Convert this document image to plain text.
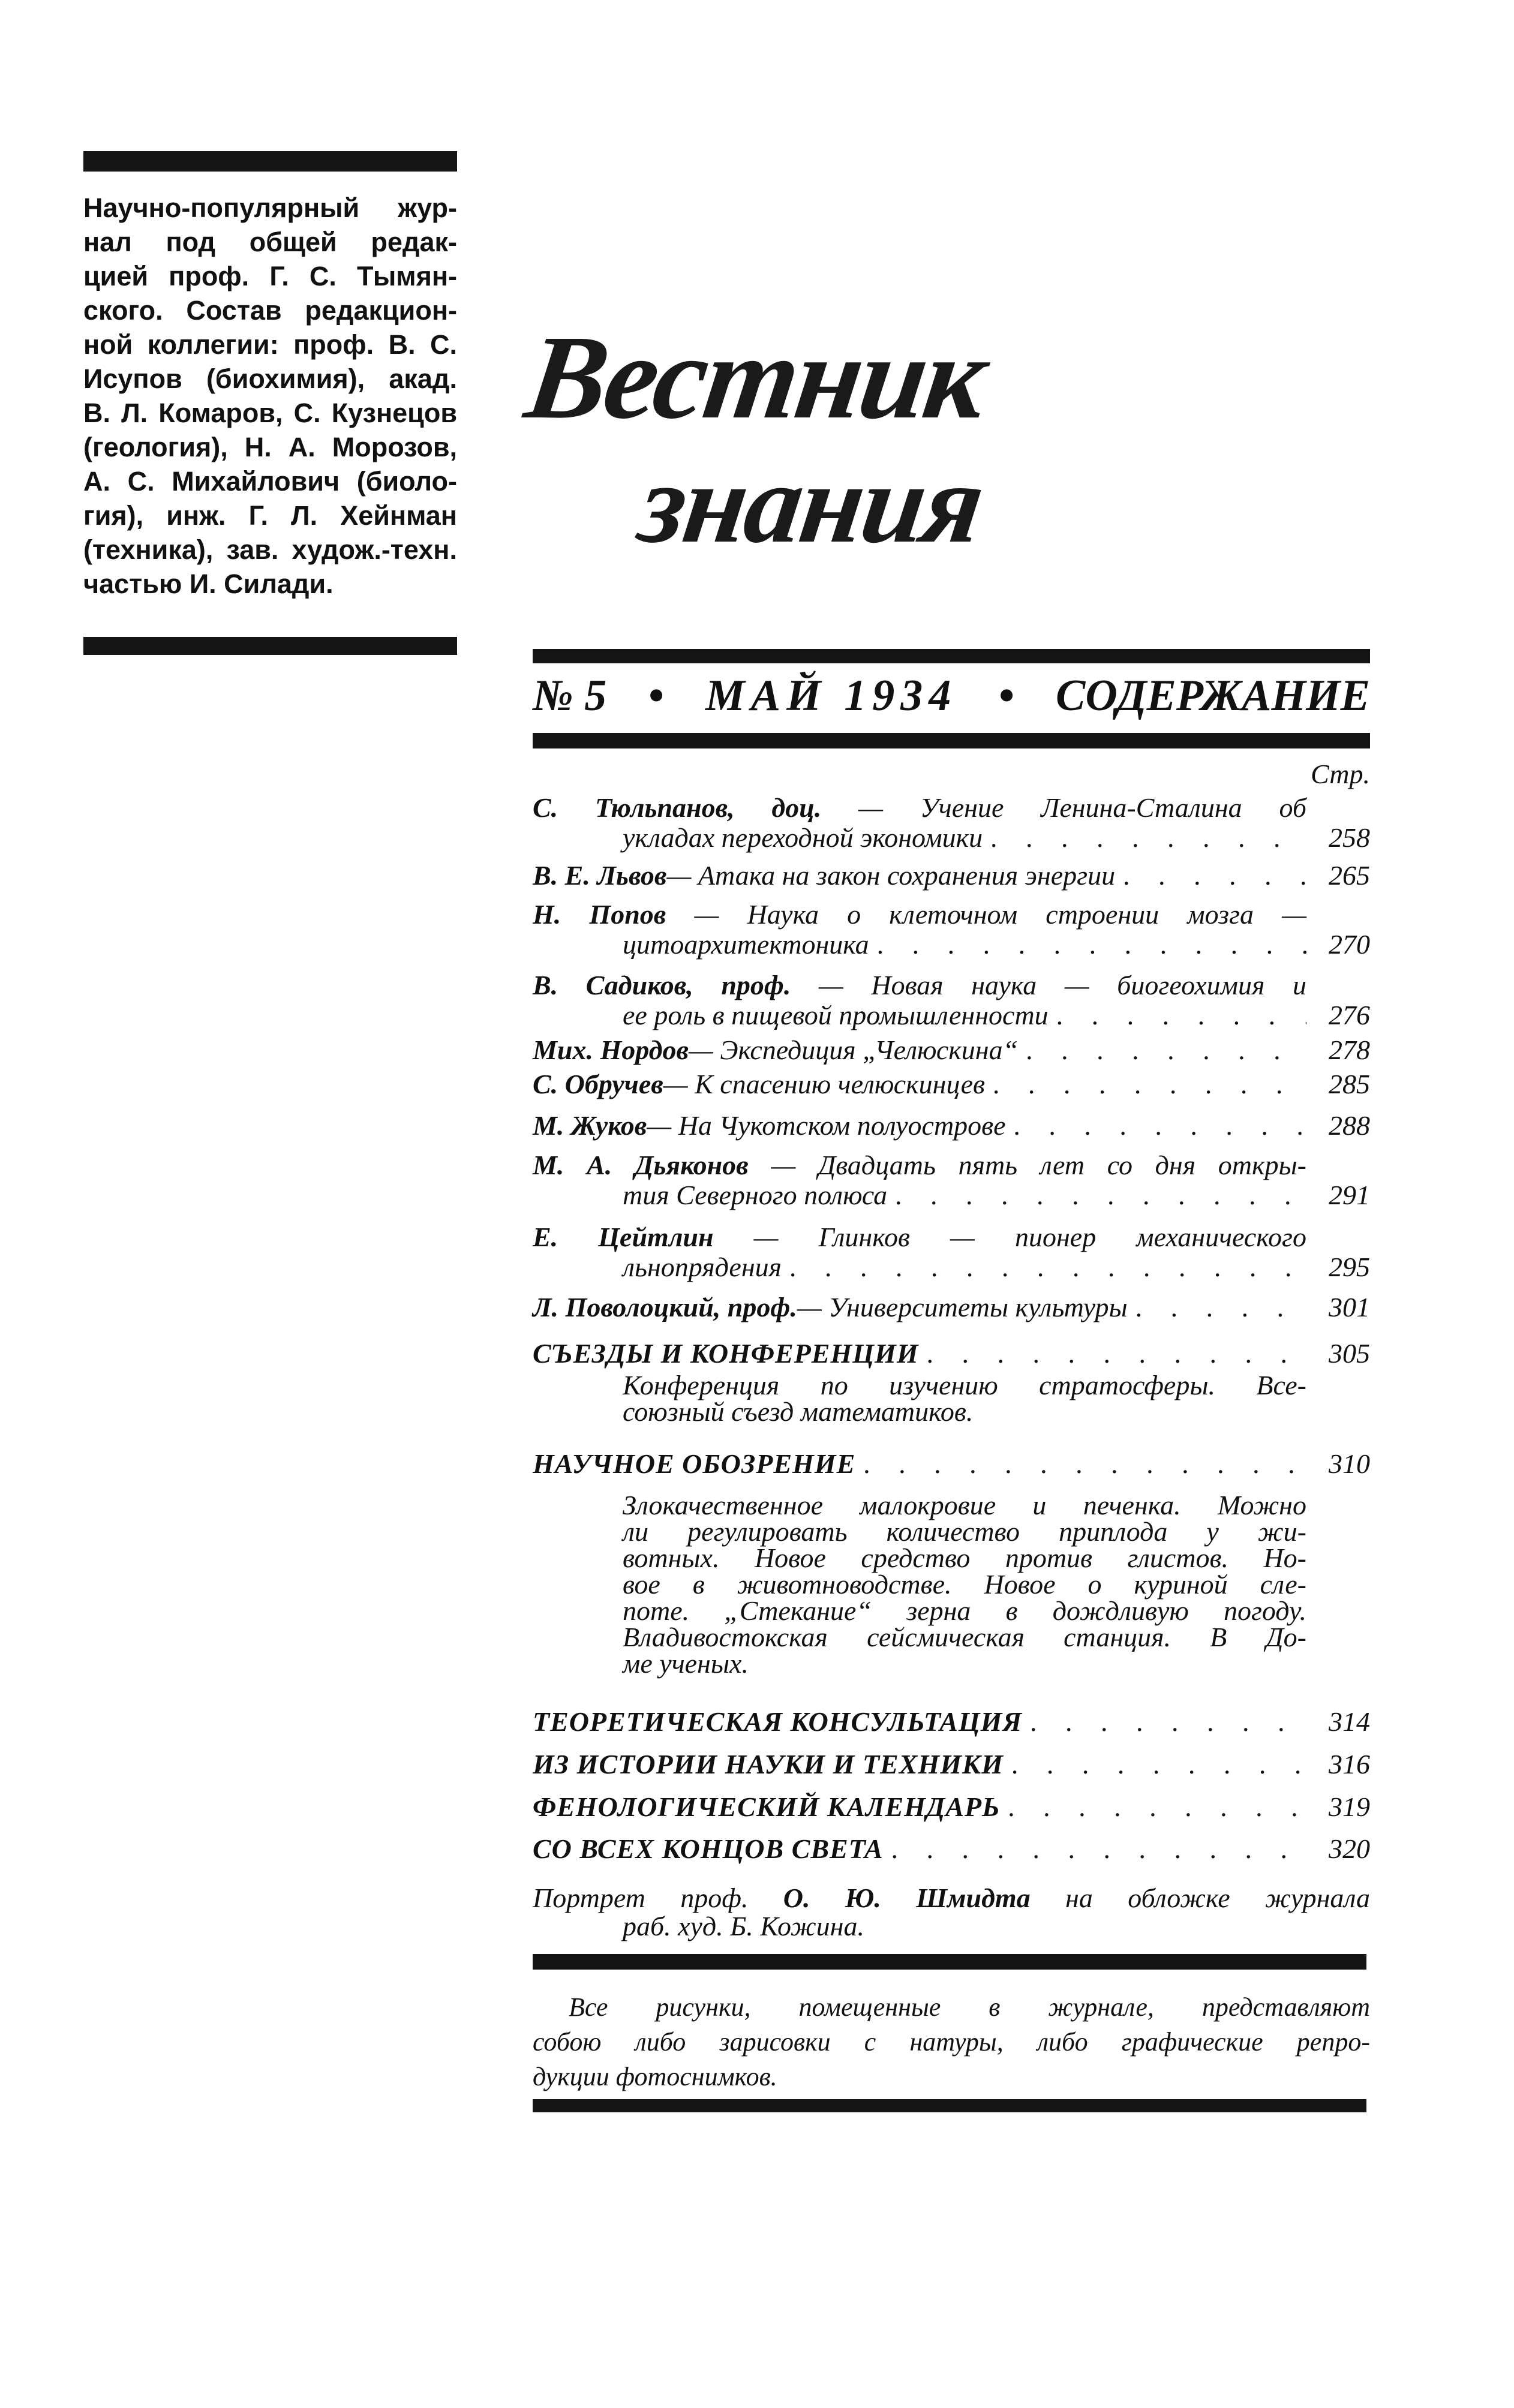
Научно-популярный жур-
нал под общей редак-
цией проф. Г. С. Тымян-
ского. Состав редакцион-
ной коллегии: проф. В. С.
Исупов (биохимия), акад.
В. Л. Комаров, С. Кузнецов
(геология), Н. А. Морозов,
А. С. Михайлович (биоло-
гия), инж. Г. Л. Хейнман
(техника), зав. худож.-техн.
частью И. Силади.
Вестник
знания
№ 5 • МАЙ 1934 • СОДЕРЖАНИЕ
Стр.
С. Тюльпанов, доц. — Учение Ленина-Сталина об
укладах переходной экономики . . .	258
В. Е. Львов — Атака на закон сохранения энергии . . .	265
Н. Попов — Наука о клеточном строении мозга —
цитоархитектоника . . .	270
В. Садиков, проф. — Новая наука — биогеохимия и
ее роль в пищевой промышленности . . .	276
Мих. Нордов — Экспедиция „Челюскина“ . . .	278
С. Обручев — К спасению челюскинцев . . .	285
М. Жуков — На Чукотском полуострове . . .	288
М. А. Дьяконов — Двадцать пять лет со дня откры-
тия Северного полюса . . .	291
Е. Цейтлин — Глинков — пионер механического
льнопрядения . . .	295
Л. Поволоцкий, проф. — Университеты культуры . . .	301
СЪЕЗДЫ И КОНФЕРЕНЦИИ . . .	305
Конференция по изучению стратосферы. Все-
союзный съезд математиков.
НАУЧНОЕ ОБОЗРЕНИЕ . . .	310
Злокачественное малокровие и печенка. Можно
ли регулировать количество приплода у жи-
вотных. Новое средство против глистов. Но-
вое в животноводстве. Новое о куриной сле-
поте. „Стекание“ зерна в дождливую погоду.
Владивостокская сейсмическая станция. В До-
ме ученых.
ТЕОРЕТИЧЕСКАЯ КОНСУЛЬТАЦИЯ . . .	314
ИЗ ИСТОРИИ НАУКИ И ТЕХНИКИ . . .	316
ФЕНОЛОГИЧЕСКИЙ КАЛЕНДАРЬ . . .	319
СО ВСЕХ КОНЦОВ СВЕТА . . .	320
Портрет проф. О. Ю. Шмидта на обложке журнала
раб. худ. Б. Кожина.
Все рисунки, помещенные в журнале, представляют
собою либо зарисовки с натуры, либо графические репро-
дукции фотоснимков.
